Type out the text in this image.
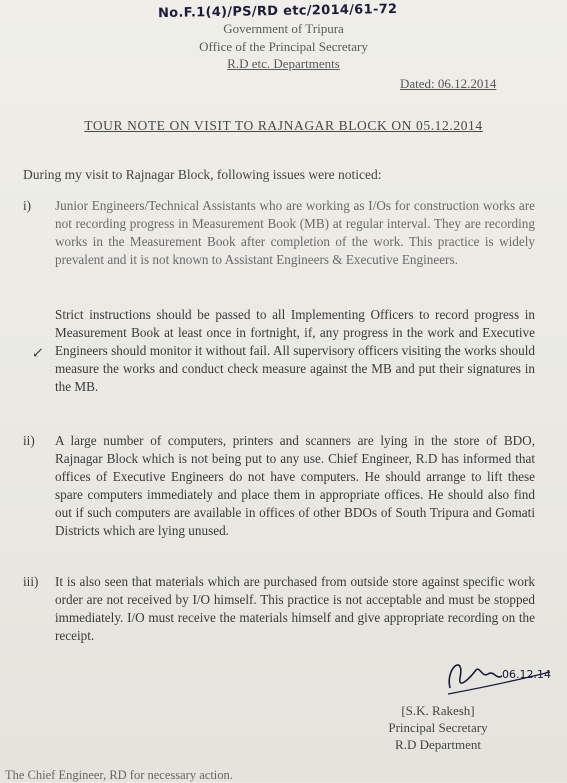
No.F.1(4)/PS/RD etc/2014/61-72
Government of Tripura
Office of the Principal Secretary
R.D etc. Departments
Dated: 06.12.2014
TOUR NOTE ON VISIT TO RAJNAGAR BLOCK ON 05.12.2014
During my visit to Rajnagar Block, following issues were noticed:
i) Junior Engineers/Technical Assistants who are working as I/Os for construction works are not recording progress in Measurement Book (MB) at regular interval. They are recording works in the Measurement Book after completion of the work. This practice is widely prevalent and it is not known to Assistant Engineers & Executive Engineers.
Strict instructions should be passed to all Implementing Officers to record progress in Measurement Book at least once in fortnight, if, any progress in the work and Executive Engineers should monitor it without fail. All supervisory officers visiting the works should measure the works and conduct check measure against the MB and put their signatures in the MB.
↙
ii) A large number of computers, printers and scanners are lying in the store of BDO, Rajnagar Block which is not being put to any use. Chief Engineer, R.D has informed that offices of Executive Engineers do not have computers. He should arrange to lift these spare computers immediately and place them in appropriate offices. He should also find out if such computers are available in offices of other BDOs of South Tripura and Gomati Districts which are lying unused.
iii) It is also seen that materials which are purchased from outside store against specific work order are not received by I/O himself. This practice is not acceptable and must be stopped immediately. I/O must receive the materials himself and give appropriate recording on the receipt.
06.12.14
[S.K. Rakesh]
Principal Secretary
R.D Department
The Chief Engineer, RD for necessary action.
